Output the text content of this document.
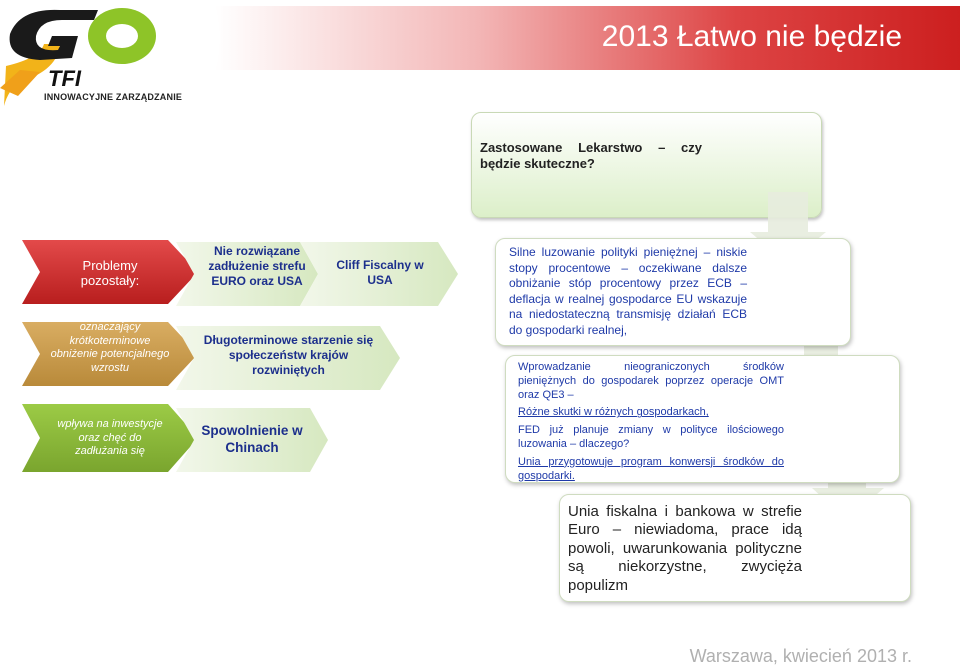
2013 Łatwo nie będzie
TFI
INNOWACYJNE ZARZĄDZANIE
Zastosowane Lekarstwo – czy będzie skuteczne?
Problemy pozostały:
oznaczający krótkoterminowe obniżenie potencjalnego wzrostu
wpływa na inwestycje oraz chęć do zadłużania się
Nie rozwiązane zadłużenie strefu EURO oraz USA
Długoterminowe starzenie się społeczeństw krajów rozwiniętych
Spowolnienie w Chinach
Cliff Fiscalny w USA
Silne luzowanie polityki pieniężnej – niskie stopy procentowe – oczekiwane dalsze obniżanie stóp procentowy przez ECB – deflacja w realnej gospodarce EU wskazuje na niedostateczną transmisję działań ECB do gospodarki realnej,

Wprowadzanie nieograniczonych środków pieniężnych do gospodarek poprzez operacje OMT oraz QE3 –

Różne skutki w różnych gospodarkach,

FED już planuje zmiany w polityce ilościowego luzowania – dlaczego?

Unia przygotowuje program konwersji środków do gospodarki.

Unia fiskalna i bankowa w strefie Euro – niewiadoma, prace idą powoli, uwarunkowania polityczne są niekorzystne, zwycięża populizm
Warszawa, kwiecień 2013 r.
